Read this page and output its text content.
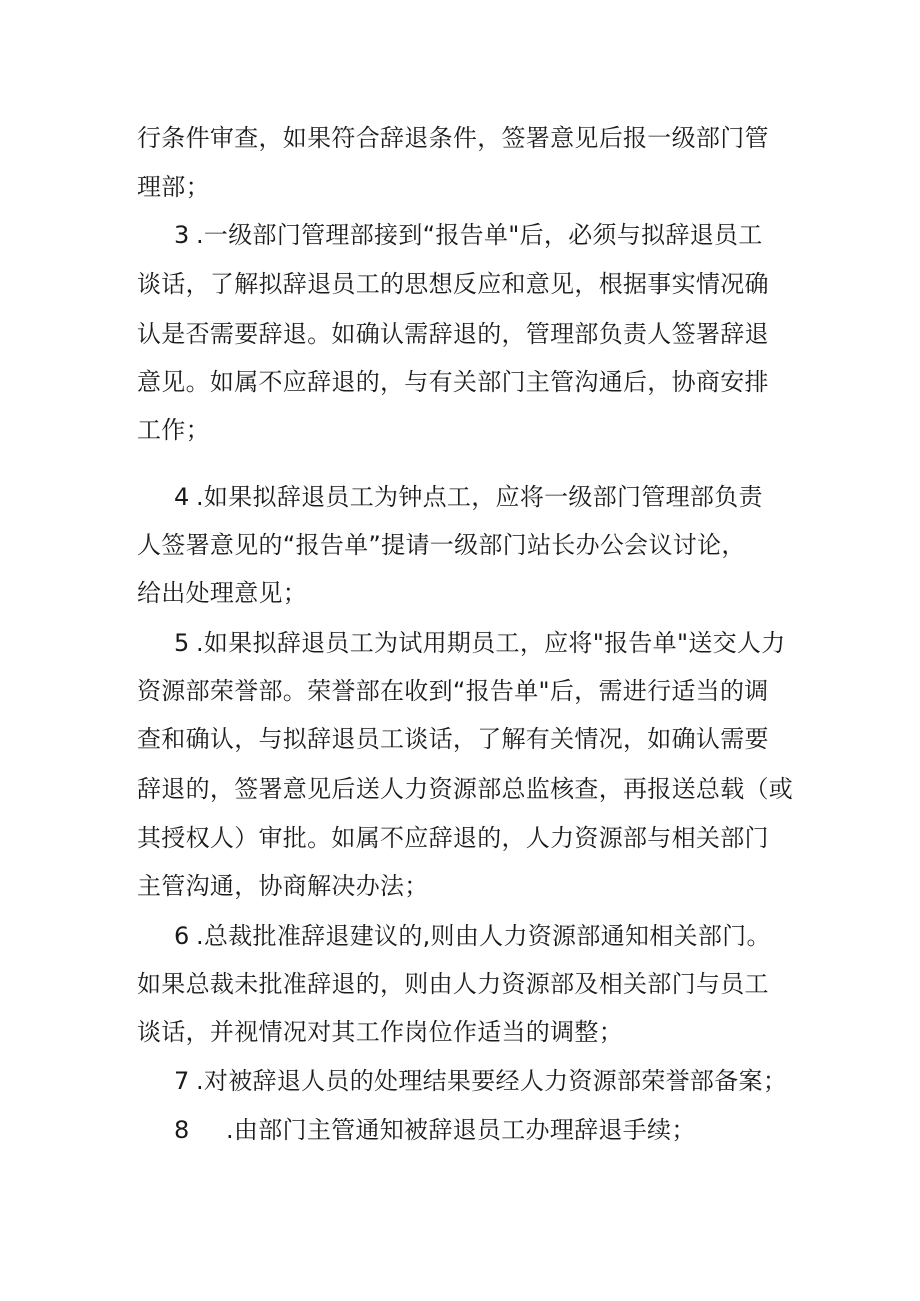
行条件审查，如果符合辞退条件，签署意见后报一级部门管
理部；
3 .一级部门管理部接到“报告单"后，必须与拟辞退员工
谈话，了解拟辞退员工的思想反应和意见，根据事实情况确
认是否需要辞退。如确认需辞退的，管理部负责人签署辞退
意见。如属不应辞退的，与有关部门主管沟通后，协商安排
工作；
4 .如果拟辞退员工为钟点工，应将一级部门管理部负责
人签署意见的“报告单”提请一级部门站长办公会议讨论，
给出处理意见；
5 .如果拟辞退员工为试用期员工，应将"报告单"送交人力
资源部荣誉部。荣誉部在收到“报告单"后，需进行适当的调
查和确认，与拟辞退员工谈话，了解有关情况，如确认需要
辞退的，签署意见后送人力资源部总监核查，再报送总载（或
其授权人）审批。如属不应辞退的，人力资源部与相关部门
主管沟通，协商解决办法；
6 .总裁批准辞退建议的,则由人力资源部通知相关部门。
如果总裁未批准辞退的，则由人力资源部及相关部门与员工
谈话，并视情况对其工作岗位作适当的调整；
7 .对被辞退人员的处理结果要经人力资源部荣誉部备案；
8 .由部门主管通知被辞退员工办理辞退手续；
